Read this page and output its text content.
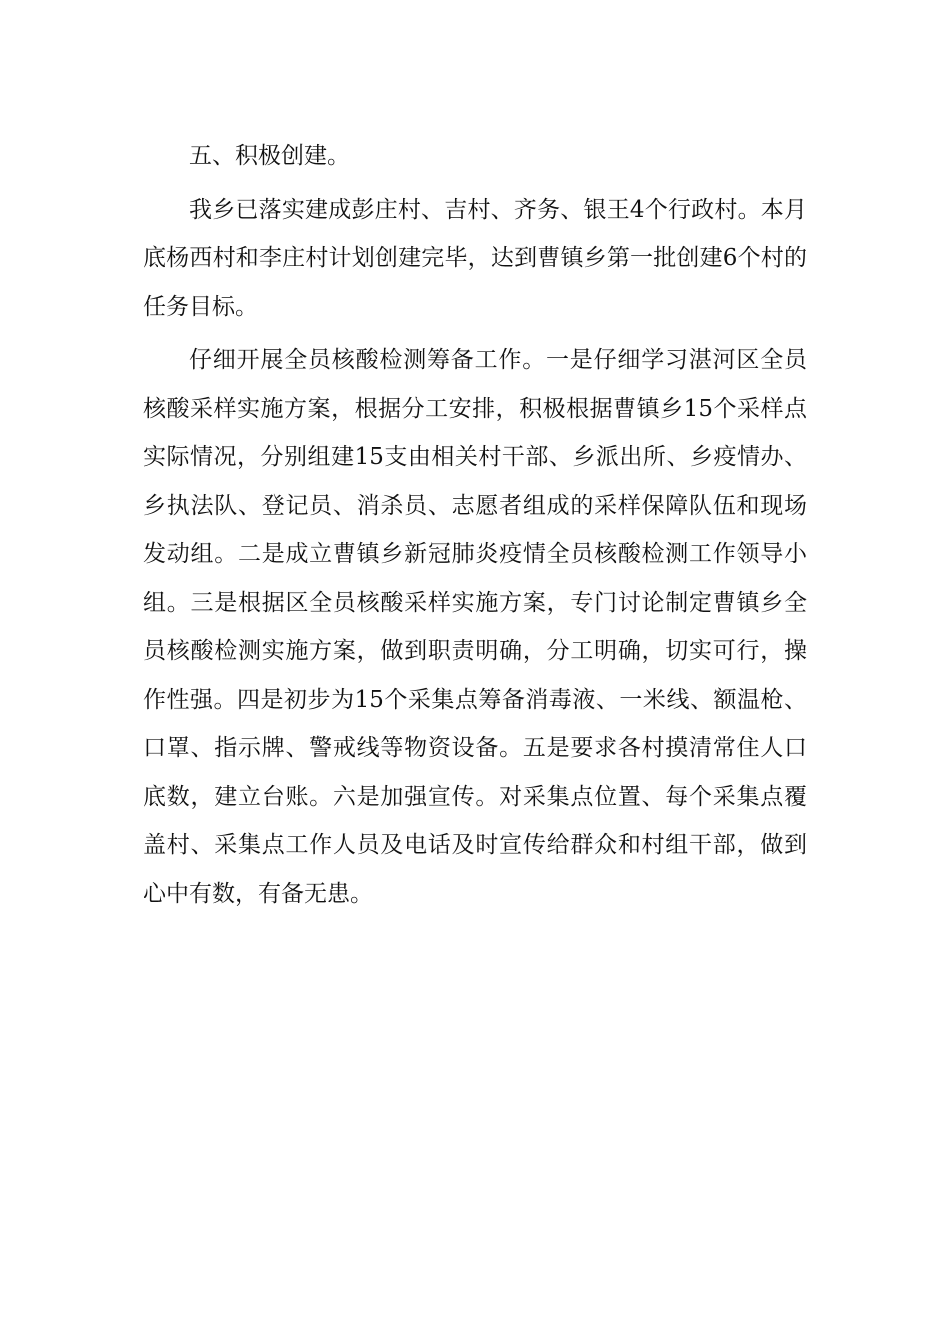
五、积极创建。

我乡已落实建成彭庄村、吉村、齐务、银王4个行政村。本月底杨西村和李庄村计划创建完毕，达到曹镇乡第一批创建6个村的任务目标。

仔细开展全员核酸检测筹备工作。一是仔细学习湛河区全员核酸采样实施方案，根据分工安排，积极根据曹镇乡15个采样点实际情况，分别组建15支由相关村干部、乡派出所、乡疫情办、乡执法队、登记员、消杀员、志愿者组成的采样保障队伍和现场发动组。二是成立曹镇乡新冠肺炎疫情全员核酸检测工作领导小组。三是根据区全员核酸采样实施方案，专门讨论制定曹镇乡全员核酸检测实施方案，做到职责明确，分工明确，切实可行，操作性强。四是初步为15个采集点筹备消毒液、一米线、额温枪、口罩、指示牌、警戒线等物资设备。五是要求各村摸清常住人口底数，建立台账。六是加强宣传。对采集点位置、每个采集点覆盖村、采集点工作人员及电话及时宣传给群众和村组干部，做到心中有数，有备无患。
